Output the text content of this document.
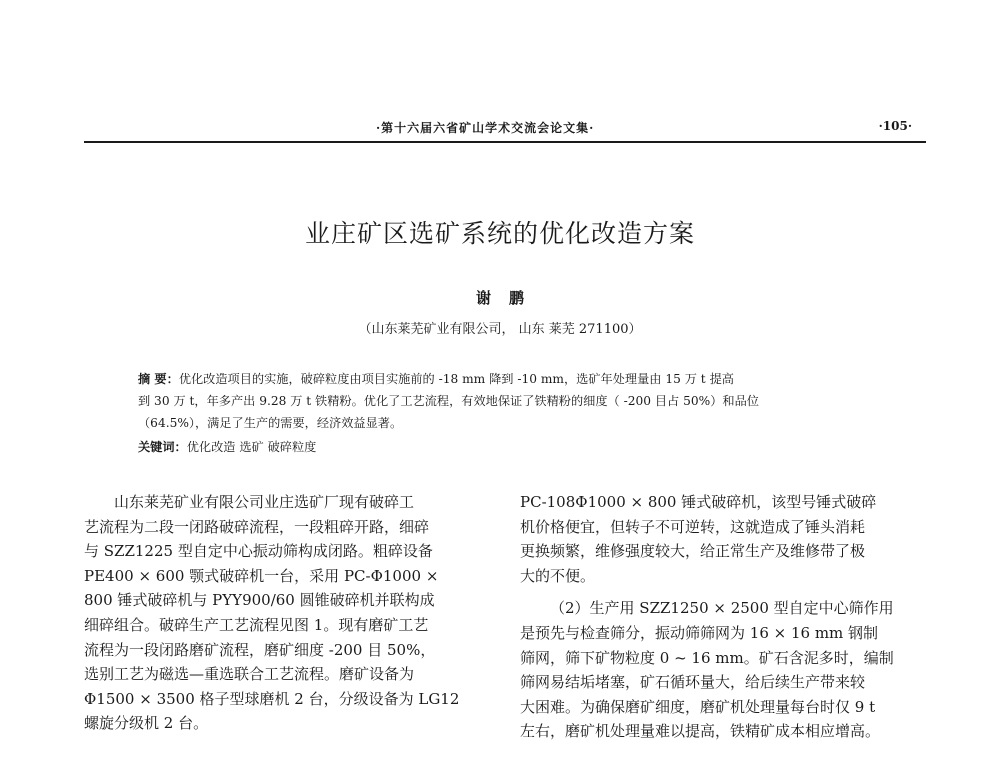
·第十六届六省矿山学术交流会论文集·	·105·
业庄矿区选矿系统的优化改造方案
谢鹏
（山东莱芜矿业有限公司， 山东 莱芜 271100）
摘 要：优化改造项目的实施，破碎粒度由项目实施前的 -18 mm 降到 -10 mm，选矿年处理量由 15 万 t 提高
到 30 万 t，年多产出 9.28 万 t 铁精粉。优化了工艺流程，有效地保证了铁精粉的细度（ -200 目占 50%）和品位
（64.5%），满足了生产的需要，经济效益显著。
关键词：优化改造 选矿 破碎粒度
山东莱芜矿业有限公司业庄选矿厂现有破碎工
艺流程为二段一闭路破碎流程，一段粗碎开路，细碎
与 SZZ1225 型自定中心振动筛构成闭路。粗碎设备
PE400 × 600 颚式破碎机一台，采用 PC-Φ1000 ×
800 锤式破碎机与 PYY900/60 圆锥破碎机并联构成
细碎组合。破碎生产工艺流程见图 1。现有磨矿工艺
流程为一段闭路磨矿流程，磨矿细度 -200 目 50%，
选别工艺为磁选—重选联合工艺流程。磨矿设备为
Φ1500 × 3500 格子型球磨机 2 台，分级设备为 LG12
螺旋分级机 2 台。
PC-108Φ1000 × 800 锤式破碎机，该型号锤式破碎
机价格便宜，但转子不可逆转，这就造成了锤头消耗
更换频繁，维修强度较大，给正常生产及维修带了极
大的不便。
（2）生产用 SZZ1250 × 2500 型自定中心筛作用
是预先与检查筛分，振动筛筛网为 16 × 16 mm 钢制
筛网，筛下矿物粒度 0 ~ 16 mm。矿石含泥多时，编制
筛网易结垢堵塞，矿石循环量大，给后续生产带来较
大困难。为确保磨矿细度，磨矿机处理量每台时仅 9 t
左右，磨矿机处理量难以提高，铁精矿成本相应增高。
